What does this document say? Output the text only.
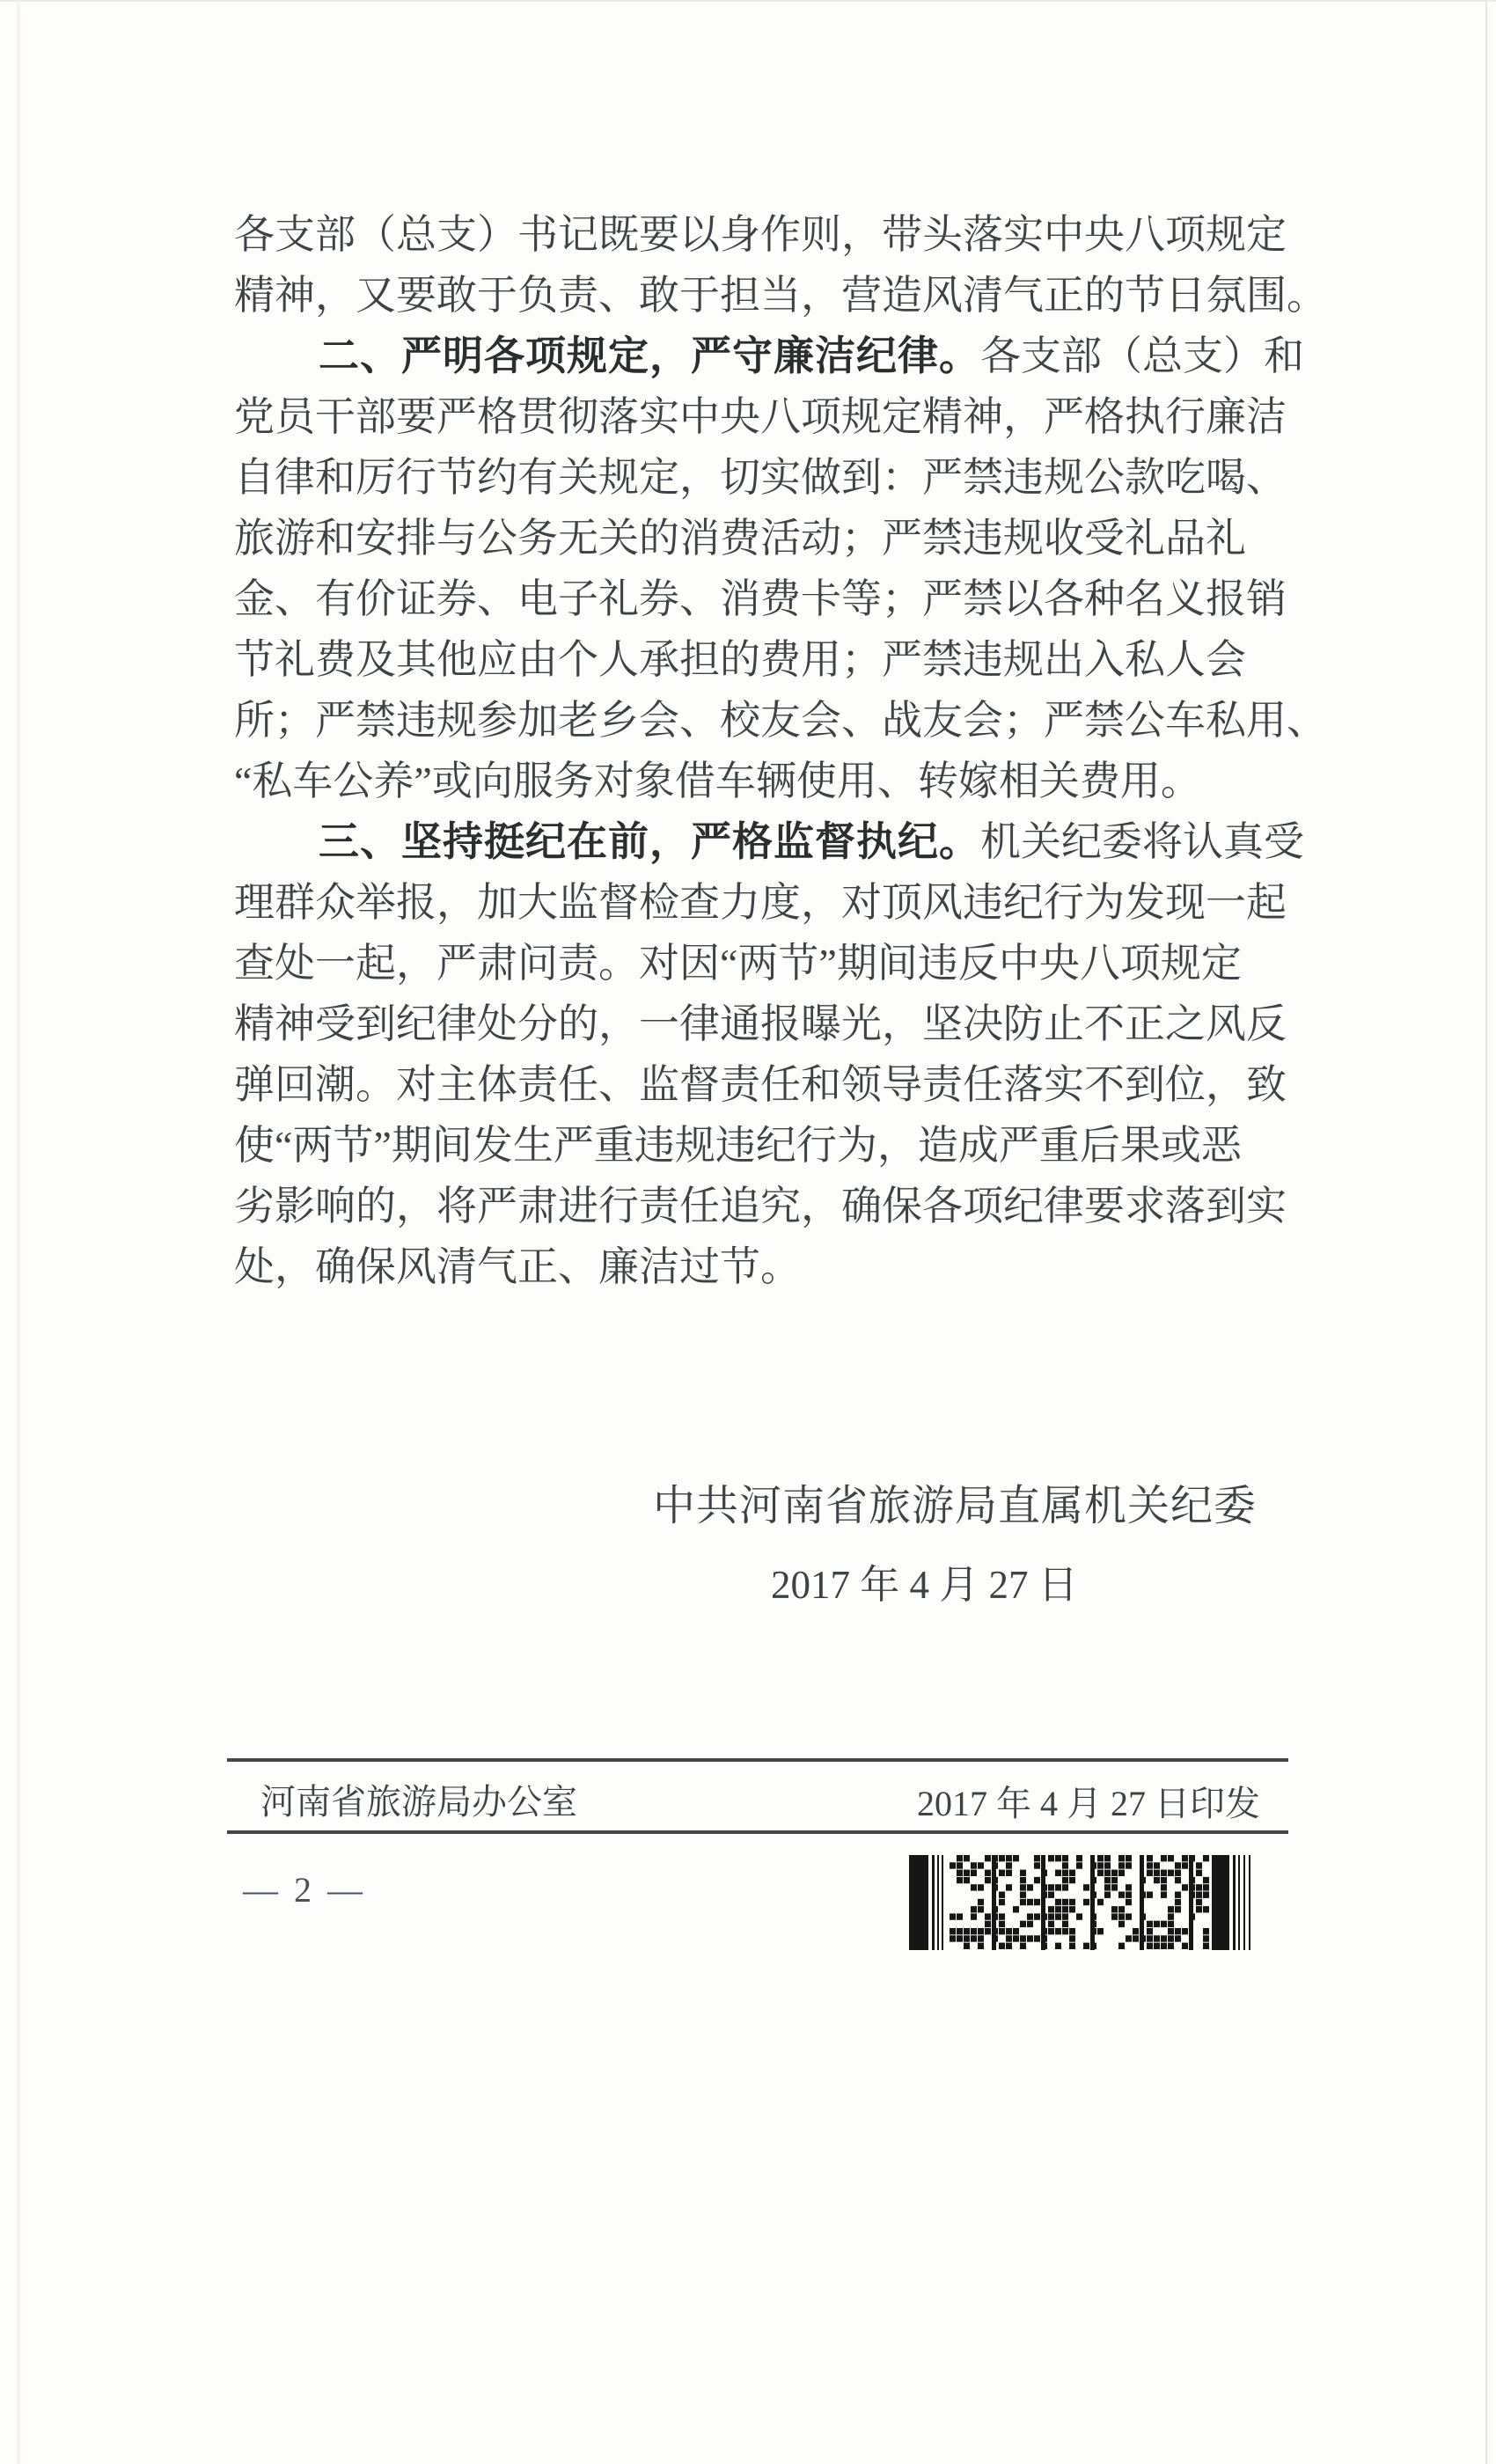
各支部（总支）书记既要以身作则，带头落实中央八项规定
精神，又要敢于负责、敢于担当，营造风清气正的节日氛围。
二、严明各项规定，严守廉洁纪律。各支部（总支）和
党员干部要严格贯彻落实中央八项规定精神，严格执行廉洁
自律和厉行节约有关规定，切实做到：严禁违规公款吃喝、
旅游和安排与公务无关的消费活动；严禁违规收受礼品礼
金、有价证券、电子礼券、消费卡等；严禁以各种名义报销
节礼费及其他应由个人承担的费用；严禁违规出入私人会
所；严禁违规参加老乡会、校友会、战友会；严禁公车私用、
“私车公养”或向服务对象借车辆使用、转嫁相关费用。
三、坚持挺纪在前，严格监督执纪。机关纪委将认真受
理群众举报，加大监督检查力度，对顶风违纪行为发现一起
查处一起，严肃问责。对因“两节”期间违反中央八项规定
精神受到纪律处分的，一律通报曝光，坚决防止不正之风反
弹回潮。对主体责任、监督责任和领导责任落实不到位，致
使“两节”期间发生严重违规违纪行为，造成严重后果或恶
劣影响的，将严肃进行责任追究，确保各项纪律要求落到实
处，确保风清气正、廉洁过节。
中共河南省旅游局直属机关纪委
2017 年 4 月 27 日
河南省旅游局办公室	2017 年 4 月 27 日印发
— 2 —
